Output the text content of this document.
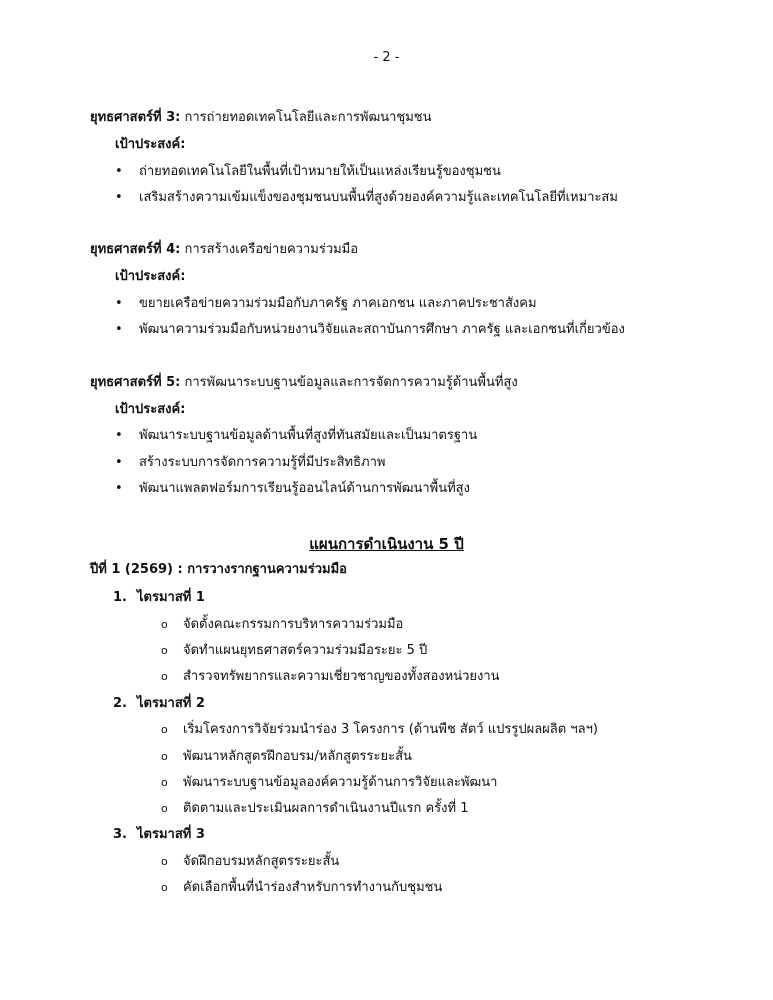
- 2 -
ยุทธศาสตร์ที่ 3: การถ่ายทอดเทคโนโลยีและการพัฒนาชุมชน
เป้าประสงค์:
• ถ่ายทอดเทคโนโลยีในพื้นที่เป้าหมายให้เป็นแหล่งเรียนรู้ของชุมชน
• เสริมสร้างความเข้มแข็งของชุมชนบนพื้นที่สูงด้วยองค์ความรู้และเทคโนโลยีที่เหมาะสม
ยุทธศาสตร์ที่ 4: การสร้างเครือข่ายความร่วมมือ
เป้าประสงค์:
• ขยายเครือข่ายความร่วมมือกับภาครัฐ ภาคเอกชน และภาคประชาสังคม
• พัฒนาความร่วมมือกับหน่วยงานวิจัยและสถาบันการศึกษา ภาครัฐ และเอกชนที่เกี่ยวข้อง
ยุทธศาสตร์ที่ 5: การพัฒนาระบบฐานข้อมูลและการจัดการความรู้ด้านพื้นที่สูง
เป้าประสงค์:
• พัฒนาระบบฐานข้อมูลด้านพื้นที่สูงที่ทันสมัยและเป็นมาตรฐาน
• สร้างระบบการจัดการความรู้ที่มีประสิทธิภาพ
• พัฒนาแพลตฟอร์มการเรียนรู้ออนไลน์ด้านการพัฒนาพื้นที่สูง
แผนการดำเนินงาน 5 ปี
ปีที่ 1 (2569) : การวางรากฐานความร่วมมือ
1. ไตรมาสที่ 1
o จัดตั้งคณะกรรมการบริหารความร่วมมือ
o จัดทำแผนยุทธศาสตร์ความร่วมมือระยะ 5 ปี
o สำรวจทรัพยากรและความเชี่ยวชาญของทั้งสองหน่วยงาน
2. ไตรมาสที่ 2
o เริ่มโครงการวิจัยร่วมนำร่อง 3 โครงการ (ด้านพืช สัตว์ แปรรูปผลผลิต ฯลฯ)
o พัฒนาหลักสูตรฝึกอบรม/หลักสูตรระยะสั้น
o พัฒนาระบบฐานข้อมูลองค์ความรู้ด้านการวิจัยและพัฒนา
o ติดตามและประเมินผลการดำเนินงานปีแรก ครั้งที่ 1
3. ไตรมาสที่ 3
o จัดฝึกอบรมหลักสูตรระยะสั้น
o คัดเลือกพื้นที่นำร่องสำหรับการทำงานกับชุมชน
